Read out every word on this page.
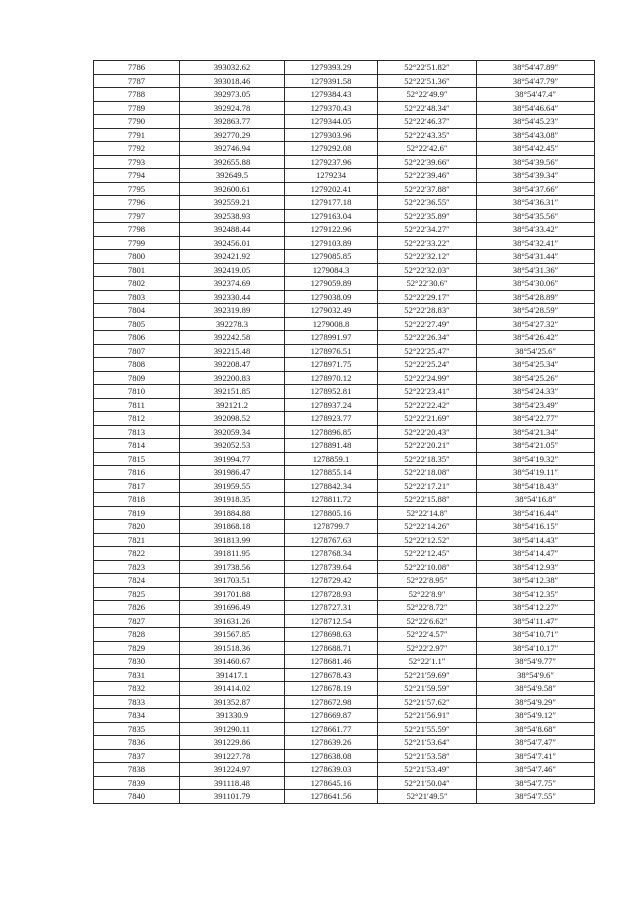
7786	393032.62	1279393.29	52°22′51.82″	38°54′47.89″
7787	393018.46	1279391.58	52°22′51.36″	38°54′47.79″
7788	392973.05	1279384.43	52°22′49.9″	38°54′47.4″
7789	392924.78	1279370.43	52°22′48.34″	38°54′46.64″
7790	392863.77	1279344.05	52°22′46.37″	38°54′45.23″
7791	392770.29	1279303.96	52°22′43.35″	38°54′43.08″
7792	392746.94	1279292.08	52°22′42.6″	38°54′42.45″
7793	392655.88	1279237.96	52°22′39.66″	38°54′39.56″
7794	392649.5	1279234	52°22′39.46″	38°54′39.34″
7795	392600.61	1279202.41	52°22′37.88″	38°54′37.66″
7796	392559.21	1279177.18	52°22′36.55″	38°54′36.31″
7797	392538.93	1279163.04	52°22′35.89″	38°54′35.56″
7798	392488.44	1279122.96	52°22′34.27″	38°54′33.42″
7799	392456.01	1279103.89	52°22′33.22″	38°54′32.41″
7800	392421.92	1279085.85	52°22′32.12″	38°54′31.44″
7801	392419.05	1279084.3	52°22′32.03″	38°54′31.36″
7802	392374.69	1279059.89	52°22′30.6″	38°54′30.06″
7803	392330.44	1279038.09	52°22′29.17″	38°54′28.89″
7804	392319.89	1279032.49	52°22′28.83″	38°54′28.59″
7805	392278.3	1279008.8	52°22′27.49″	38°54′27.32″
7806	392242.58	1278991.97	52°22′26.34″	38°54′26.42″
7807	392215.48	1278976.51	52°22′25.47″	38°54′25.6″
7808	392208.47	1278971.75	52°22′25.24″	38°54′25.34″
7809	392200.83	1278970.12	52°22′24.99″	38°54′25.26″
7810	392151.85	1278952.81	52°22′23.41″	38°54′24.33″
7811	392121.2	1278937.24	52°22′22.42″	38°54′23.49″
7812	392098.52	1278923.77	52°22′21.69″	38°54′22.77″
7813	392059.34	1278896.85	52°22′20.43″	38°54′21.34″
7814	392052.53	1278891.48	52°22′20.21″	38°54′21.05″
7815	391994.77	1278859.1	52°22′18.35″	38°54′19.32″
7816	391986.47	1278855.14	52°22′18.08″	38°54′19.11″
7817	391959.55	1278842.34	52°22′17.21″	38°54′18.43″
7818	391918.35	1278811.72	52°22′15.88″	38°54′16.8″
7819	391884.88	1278805.16	52°22′14.8″	38°54′16.44″
7820	391868.18	1278799.7	52°22′14.26″	38°54′16.15″
7821	391813.99	1278767.63	52°22′12.52″	38°54′14.43″
7822	391811.95	1278768.34	52°22′12.45″	38°54′14.47″
7823	391738.56	1278739.64	52°22′10.08″	38°54′12.93″
7824	391703.51	1278729.42	52°22′8.95″	38°54′12.38″
7825	391701.88	1278728.93	52°22′8.9″	38°54′12.35″
7826	391696.49	1278727.31	52°22′8.72″	38°54′12.27″
7827	391631.26	1278712.54	52°22′6.62″	38°54′11.47″
7828	391567.85	1278698.63	52°22′4.57″	38°54′10.71″
7829	391518.36	1278688.71	52°22′2.97″	38°54′10.17″
7830	391460.67	1278681.46	52°22′1.1″	38°54′9.77″
7831	391417.1	1278678.43	52°21′59.69″	38°54′9.6″
7832	391414.02	1278678.19	52°21′59.59″	38°54′9.58″
7833	391352.87	1278672.98	52°21′57.62″	38°54′9.29″
7834	391330.9	1278669.87	52°21′56.91″	38°54′9.12″
7835	391290.11	1278661.77	52°21′55.59″	38°54′8.68″
7836	391229.86	1278639.26	52°21′53.64″	38°54′7.47″
7837	391227.78	1278638.08	52°21′53.58″	38°54′7.41″
7838	391224.97	1278639.03	52°21′53.49″	38°54′7.46″
7839	391118.48	1278645.16	52°21′50.04″	38°54′7.75″
7840	391101.79	1278641.56	52°21′49.5″	38°54′7.55″
